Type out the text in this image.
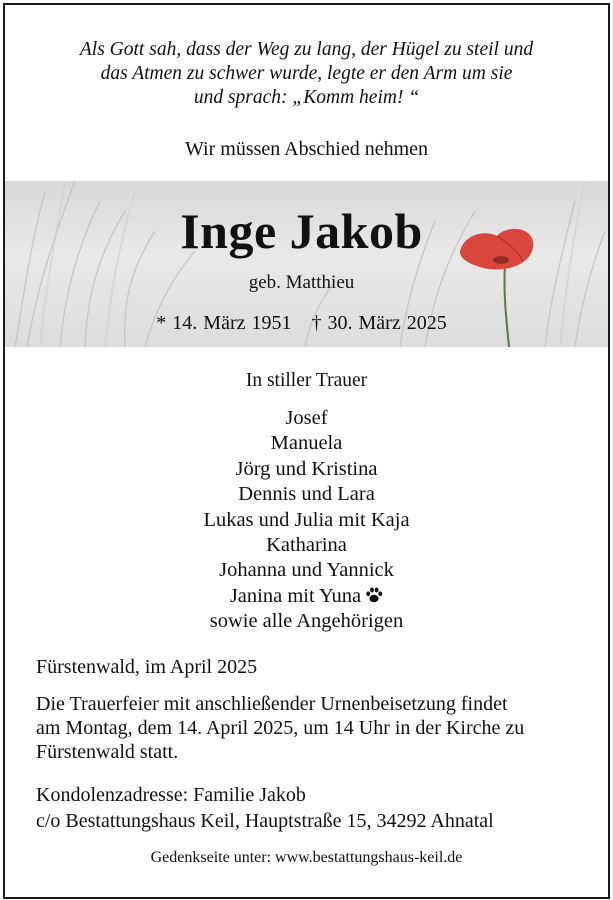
Als Gott sah, dass der Weg zu lang, der Hügel zu steil und
das Atmen zu schwer wurde, legte er den Arm um sie
und sprach: „Komm heim! “
Wir müssen Abschied nehmen
Inge Jakob
geb. Matthieu
* 14. März 1951 † 30. März 2025
In stiller Trauer
Josef
Manuela
Jörg und Kristina
Dennis und Lara
Lukas und Julia mit Kaja
Katharina
Johanna und Yannick
Janina mit Yuna
sowie alle Angehörigen
Fürstenwald, im April 2025
Die Trauerfeier mit anschließender Urnenbeisetzung findet
am Montag, dem 14. April 2025, um 14 Uhr in der Kirche zu
Fürstenwald statt.
Kondolenzadresse: Familie Jakob
c/o Bestattungshaus Keil, Hauptstraße 15, 34292 Ahnatal
Gedenkseite unter: www.bestattungshaus-keil.de
